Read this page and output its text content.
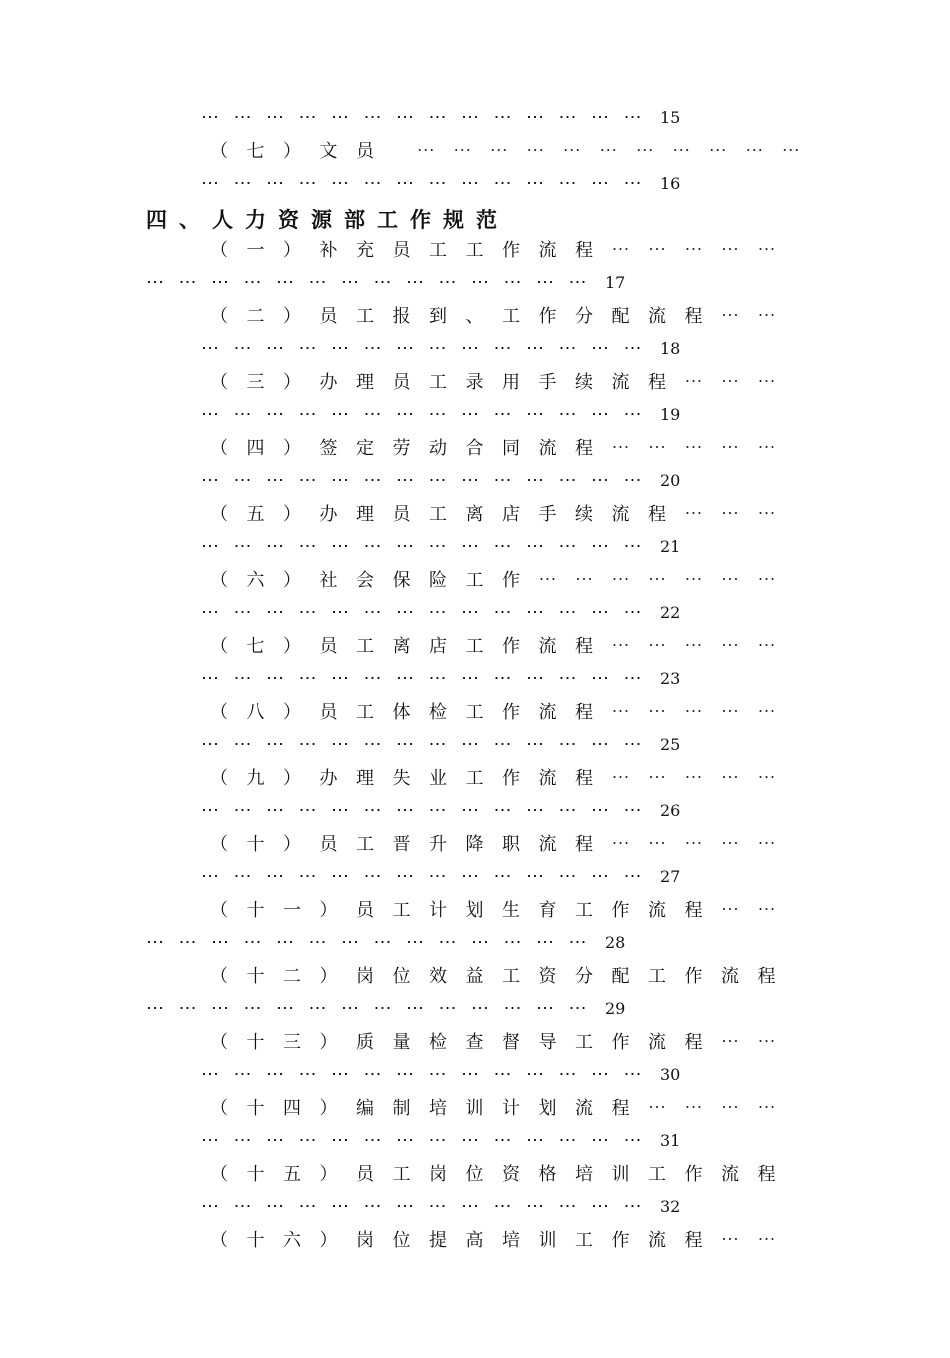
⋯⋯⋯⋯⋯⋯⋯⋯⋯⋯⋯⋯⋯⋯ 15
（七）文员 ⋯⋯⋯⋯⋯⋯⋯⋯⋯⋯⋯
⋯⋯⋯⋯⋯⋯⋯⋯⋯⋯⋯⋯⋯⋯ 16
四、人力资源部工作规范
（一）补充员工工作流程⋯⋯⋯⋯⋯
⋯⋯⋯⋯⋯⋯⋯⋯⋯⋯⋯⋯⋯⋯ 17
（二）员工报到、工作分配流程⋯⋯
⋯⋯⋯⋯⋯⋯⋯⋯⋯⋯⋯⋯⋯⋯ 18
（三）办理员工录用手续流程⋯⋯⋯
⋯⋯⋯⋯⋯⋯⋯⋯⋯⋯⋯⋯⋯⋯ 19
（四）签定劳动合同流程⋯⋯⋯⋯⋯
⋯⋯⋯⋯⋯⋯⋯⋯⋯⋯⋯⋯⋯⋯ 20
（五）办理员工离店手续流程⋯⋯⋯
⋯⋯⋯⋯⋯⋯⋯⋯⋯⋯⋯⋯⋯⋯ 21
（六）社会保险工作⋯⋯⋯⋯⋯⋯⋯
⋯⋯⋯⋯⋯⋯⋯⋯⋯⋯⋯⋯⋯⋯ 22
（七）员工离店工作流程⋯⋯⋯⋯⋯
⋯⋯⋯⋯⋯⋯⋯⋯⋯⋯⋯⋯⋯⋯ 23
（八）员工体检工作流程⋯⋯⋯⋯⋯
⋯⋯⋯⋯⋯⋯⋯⋯⋯⋯⋯⋯⋯⋯ 25
（九）办理失业工作流程⋯⋯⋯⋯⋯
⋯⋯⋯⋯⋯⋯⋯⋯⋯⋯⋯⋯⋯⋯ 26
（十）员工晋升降职流程⋯⋯⋯⋯⋯
⋯⋯⋯⋯⋯⋯⋯⋯⋯⋯⋯⋯⋯⋯ 27
（十一）员工计划生育工作流程⋯⋯
⋯⋯⋯⋯⋯⋯⋯⋯⋯⋯⋯⋯⋯⋯ 28
（十二）岗位效益工资分配工作流程
⋯⋯⋯⋯⋯⋯⋯⋯⋯⋯⋯⋯⋯⋯ 29
（十三）质量检查督导工作流程⋯⋯
⋯⋯⋯⋯⋯⋯⋯⋯⋯⋯⋯⋯⋯⋯ 30
（十四）编制培训计划流程⋯⋯⋯⋯
⋯⋯⋯⋯⋯⋯⋯⋯⋯⋯⋯⋯⋯⋯ 31
（十五）员工岗位资格培训工作流程
⋯⋯⋯⋯⋯⋯⋯⋯⋯⋯⋯⋯⋯⋯ 32
（十六）岗位提高培训工作流程⋯⋯
